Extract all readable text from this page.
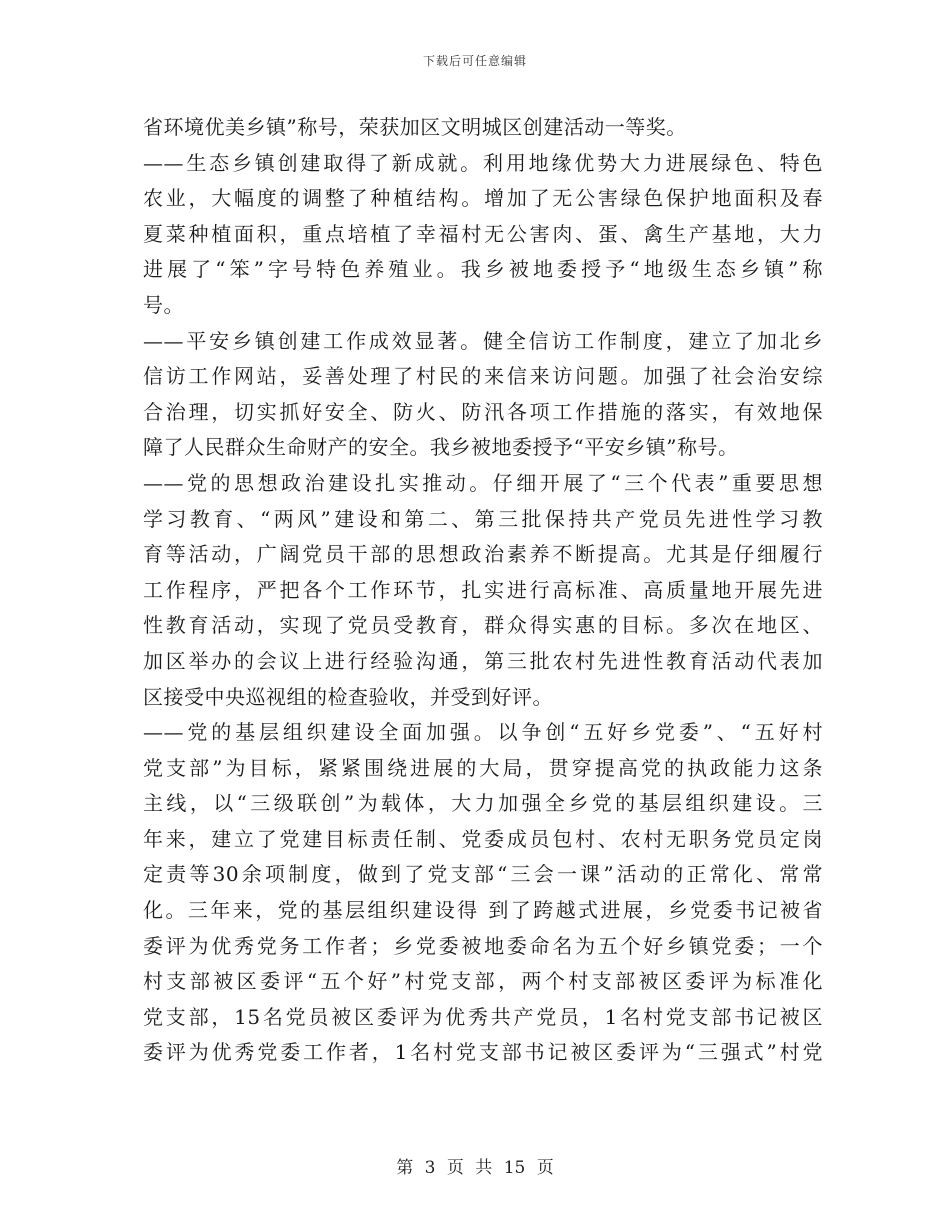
下载后可任意编辑
省环境优美乡镇”称号，荣获加区文明城区创建活动一等奖。
——生态乡镇创建取得了新成就。利用地缘优势大力进展绿色、特色
农业，大幅度的调整了种植结构。增加了无公害绿色保护地面积及春
夏菜种植面积，重点培植了幸福村无公害肉、蛋、禽生产基地，大力
进展了“笨”字号特色养殖业。我乡被地委授予“地级生态乡镇”称
号。
——平安乡镇创建工作成效显著。健全信访工作制度，建立了加北乡
信访工作网站，妥善处理了村民的来信来访问题。加强了社会治安综
合治理，切实抓好安全、防火、防汛各项工作措施的落实，有效地保
障了人民群众生命财产的安全。我乡被地委授予“平安乡镇”称号。
——党的思想政治建设扎实推动。仔细开展了“三个代表”重要思想
学习教育、“两风”建设和第二、第三批保持共产党员先进性学习教
育等活动，广阔党员干部的思想政治素养不断提高。尤其是仔细履行
工作程序，严把各个工作环节，扎实进行高标准、高质量地开展先进
性教育活动，实现了党员受教育，群众得实惠的目标。多次在地区、
加区举办的会议上进行经验沟通，第三批农村先进性教育活动代表加
区接受中央巡视组的检查验收，并受到好评。
——党的基层组织建设全面加强。以争创“五好乡党委”、“五好村
党支部”为目标，紧紧围绕进展的大局，贯穿提高党的执政能力这条
主线，以“三级联创”为载体，大力加强全乡党的基层组织建设。三
年来，建立了党建目标责任制、党委成员包村、农村无职务党员定岗
定责等30余项制度，做到了党支部“三会一课”活动的正常化、常常
化。三年来，党的基层组织建设得 到了跨越式进展，乡党委书记被省
委评为优秀党务工作者；乡党委被地委命名为五个好乡镇党委；一个
村支部被区委评“五个好”村党支部，两个村支部被区委评为标准化
党支部，15名党员被区委评为优秀共产党员，1名村党支部书记被区
委评为优秀党委工作者，1名村党支部书记被区委评为“三强式”村党
第 3 页 共 15 页
